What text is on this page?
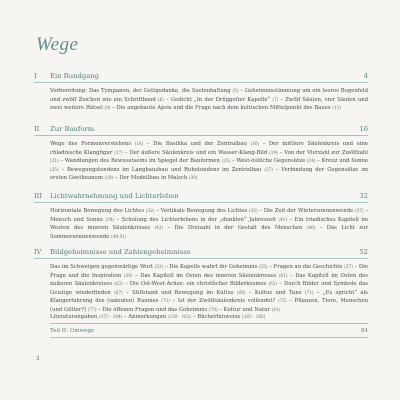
Wege
I Ein Rundgang	4
Vorbereitung: Das Tympanon, der Gottgedanke, die Seelenhaltung (5) – Geheimnisstimmung um ein leeres Bogenfeld und zwölf Zeichen wie ein Schriftband (6) – Gedicht „In der Drüggelter Kapelle“ (7) – Zwölf Säulen, vier Säulen und zwei weitere Rätsel (9) – Die angebaute Apsis und die Frage nach dem kultischen Mittelpunkt des Baues (13)
II Zur Bauform	16
Wege des Formenverstehens (16) – Die Basilika und der Zentralbau (16) – Der mittlere Säulenkreis und eine chladnische Klangfigur (17) – Der äußere Säulenkreis und ein Wasser-Klang-Bild (19) – Von der Vierzahl zur Zwölfzahl (21) – Wandlungen des Bewusstseins im Spiegel der Bauformen (23) – West-östliche Gegensätze (24) – Kreuz und Sonne (25) – Bewegungstendenz im Langhausbau und Ruhetendenz im Zentralbau (27) – Verbindung der Gegensätze im ersten Goetheanum (29) – Der Modellbau in Malsch (30)
III Lichtwahrnehmung und Lichterleben	32
Horizontale Bewegung des Lichtes (32) – Vertikale Bewegung des Lichtes (33) – Die Zeit der Wintersonnenwende (37) – Mensch und Sonne (39) – Schulung des Lichterlebens in der „dunklen“ Jahreszeit (41) – Ein triadisches Kapitell im Westen des inneren Säulenkreises (43) – Die Dreizahl in der Gestalt des Menschen (46) – Das Licht zur Sommersonnenwende (49-51)
IV Bildgeheimnisse und Zahlengeheimnisse	52
Das im Schweigen gegenwärtige Wort (53) – Die Kapelle wahrt ihr Geheimnis (55) – Fragen an die Geschichte (57) – Die Frage und die Inspiration (59) – Das Kapitell im Osten des inneren Säulenkreises (61) – Das Kapitell im Osten des äußeren Säulenkreises (63) – Die Ost-West-Achse: ein christlicher Bilderkosmos (65) – Durch Bilder und Symbole das Geistige wiederfinden (67) – Stillstand und Bewegung im Kultus (69) – Kultus und Tanz (71) – „Es spricht“ als Klangerfahrung des (sakralen) Raumes (73) – Ist der Zwölfsäulenkreis vollendet? (75) – Pflanzen, Tiere, Menschen (und Götter?) (77) – Die offenen Fragen und das Geheimnis (79) – Kultur und Natur (81)
Literaturangaben (157 - 164) – Anmerkungen (159 - 162) – Bücherhinweise (165 - 166)
Teil II: Umwege	84
3
